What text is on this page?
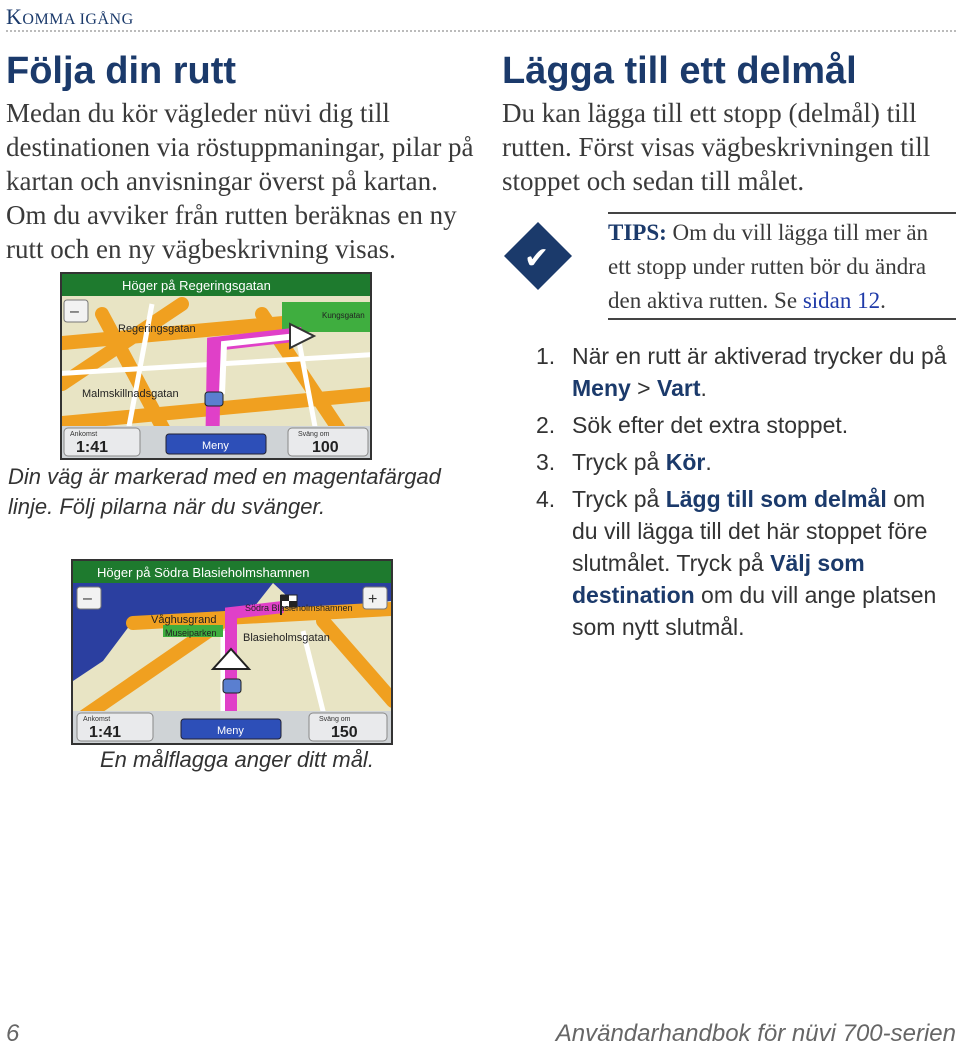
KOMMA IGÅNG
Följa din rutt
Medan du kör vägleder nüvi dig till destinationen via röstuppmaningar, pilar på kartan och anvisningar överst på kartan. Om du avviker från rutten beräknas en ny rutt och en ny vägbeskrivning visas.
Höger på Regeringsgatan
–
Regeringsgatan
Malmskillnadsgatan
Kungsgatan
Ankomst
1:41	Meny
Sväng om
100
Din väg är markerad med en magentafärgad linje. Följ pilarna när du svänger.
Höger på Södra Blasieholmshamnen
–	+
Våghusgrand
Museiparken Blasieholmsgatan
Södra Blasieholmshamnen
Ankomst
1:41	Meny
Sväng om
150
En målflagga anger ditt mål.
Lägga till ett delmål
Du kan lägga till ett stopp (delmål) till rutten. Först visas vägbeskrivningen till stoppet och sedan till målet.
✔
TIPS: Om du vill lägga till mer än ett stopp under rutten bör du ändra den aktiva rutten. Se sidan 12.
1. När en rutt är aktiverad trycker du på Meny > Vart.
2. Sök efter det extra stoppet.
3. Tryck på Kör.
4. Tryck på Lägg till som delmål om du vill lägga till det här stoppet före slutmålet. Tryck på Välj som destination om du vill ange platsen som nytt slutmål.
6	Användarhandbok för nüvi 700-serien
